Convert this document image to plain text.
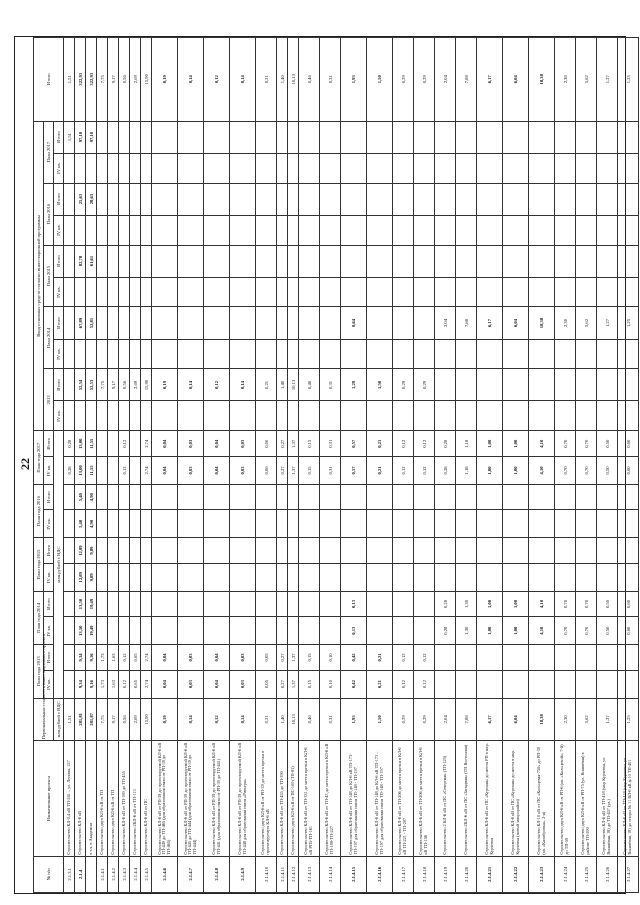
22
№ п/п	Наименование проекта	Первоначальная стоимость инвестиционного проекта	План года 2013		План года 2014		План года 2015		План года 2016		План года 2017		Ввод основных средств согласно инвестиционной программы										Итого
			IV кв.	Итого	IV кв.	Итого	IV кв.	Итого	IV кв.	Итого	IV кв.	Итого	2013		План 2014		План 2015		План 2016		План 2017		
		млн.рублей с НДС	млн.рублей с НДС										IV кв.	Итого	IV кв.	Итого	IV кв.	Итого	IV кв.	Итого	IV кв.	Итого	
2.1.3.1	Строительство КЛ-0,4 кВ ТП-241 – ул. Ленина, 157	1,51									0,28	0,28										1,51	1,51
2.1.4	Строительство КЛ-6 кВ	281,81	9,34	9,34	13,50	13,50	12,89	12,89	5,40	5,40	13,00	13,00		52,54		67,89		82,78		25,63		97,10	322,93
	в т.ч. в Академии	281,87	9,16	9,16	19,49	19,49	9,89	9,89	4,90	4,90	11,55	11,55		52,53		52,81		61,61		28,63		97,10	322,93
2.1.4.1	Строительство двух КЛ-6 кВ от ТП	7,75	1,73	1,73										7,75									7,75
2.1.4.2	Строительство двух КЛ-6 кВ от ТП	9,17	1,63	1,63										9,17									9,17
2.1.4.3	Строительство КЛ-6 кВ от ТП-189 до ТП-455	0,56	0,12	0,12							0,12	0,12		0,56									0,56
2.1.4.4	Строительство 2КЛ-6 кВ от ТП-113	2,69	0,65	0,65										2,69									2,69
2.1.4.5	Строительство КЛ-6 кВ от ПС	15,90	2,74	2,74							2,74	2,74		15,90									15,90
2.1.4.6	Строительство КЛ-6 кВ от РП-39 до проектируемой КЛ-6 кВ ТП-449 до ТП-465 (для образования связи от РП-39 до ТП-465)	0,19	0,04	0,04							0,04	0,04		0,19									0,19
2.1.4.7	Строительство КЛ-6 кВ от РП-39 до проектируемой КЛ-6 кВ ТП-445 до ТП-444 (для образования связи от РП-39 до ТП-444)	0,14	0,03	0,03							0,03	0,03		0,14									0,14
2.1.4.8	Строительство КЛ-6 кВ от РП-39 до проектируемой КЛ-6 кВ ТП-441 (для образования связи от РП-39 до ТП-441)	0,12	0,04	0,04							0,04	0,04		0,12									0,12
2.1.4.9	Строительство КЛ-6 кВ от РП-39 до проектируемой КЛ-6 кВ ТП-448 для образования связи «Ривьера»	0,14	0,03	0,03							0,03	0,03		0,14									0,14
2.1.4.10	Строительство двух КЛ-6 кВ от РП-39 до места врезки в проектируемую КЛ-6 кВ	0,21	0,05	0,05							0,06	0,06		0,21									0,21
2.1.4.11	Строительство КЛ-6 кВ от ТП-455 до ТП-390	1,40	0,27	0,27							0,27	0,27		1,40									1,40
2.1.4.12	Строительство двух КЛ-6 кВ от ПС-100 (ТП-83)	10,13	1,37	1,37							1,37	1,37		10,13									10,13
2.1.4.13	Строительство КЛ-6 кВ от ТП-331 до места врезки в КЛ-6 кВ РП5-ТП-161	0,46	0,15	0,15							0,15	0,15		0,46									0,46
2.1.4.14	Строительство КЛ-6 кВ от ТП-43 до места врезки в КЛ-6 кВ ТП-189-ТП-227	0,31	0,10	0,10							0,31	0,31		0,31									0,31
2.1.4.15	Строительство КЛ-6 кВ от ТП-148 до КЛ-6 кВ ТП-173-ТП-197 для образования связи ТП-148 - ТП-197	1,93	0,42	0,42	0,13	0,13					0,57	0,57		1,29		0,64							1,93
2.1.4.16	Строительство КЛ-6 кВ от ТП-148 до КЛ-6 кВ ТП-173 – ТП-197 для образования связи ТП-148 - ТП-197	1,50	0,21	0,21							0,21	0,21		1,50									1,50
2.1.4.17	Строительство КЛ-6 кВ от ТП-206 до места врезки в КЛ-6 кВ ТП-221 - ТП-207	0,29	0,12	0,12							0,12	0,12		0,29									0,29
2.1.4.18	Строительство КЛ-6 кВ от ТП-206 до места врезки в КЛ-6 кВ ТП-156	0,29	0,12	0,12							0,12	0,12		0,29									0,29
2.1.4.19	Строительство 2 КЛ-6 кВ от ПС «Северная» (ТП-125)	2,04			0,28	0,28					0,28	0,28				2,04							2,04
2.1.4.20	Строительство 2КЛ-6 кВ от ПС «Западная» (ТП Восточная)	7,88			1,30	1,30					1,18	1,18				7,88							7,88
2.1.4.21	Строительство КЛ-6 кВ от ПС «Курская» до места РП в мкр. Курчевка	6,17			1,00	1,00					1,00	1,00				6,17							6,17
2.1.4.22	Строительство КЛ-6 кВ от ПС «Курская» до места в мкр. Курчевка (новый микрорайон)	6,04			1,00	1,00					1,00	1,00				6,04							6,04
2.1.4.23	Строительство КЛ-10 кВ от ПС «Кольцевая-750» до РП-30 (кв. «Калибровка», 2-я)	18,38			4,10	4,10					4,10	4,10				18,38							18,38
2.1.4.24	Строительство двух КЛ-6 кВ от РП-6 (кв. «Кольцевой», 7-й) до ТП-59	2,30			0,70	0,70					0,70	0,70				2,30							2,30
2.1.4.25	Строительство двух КЛ-6 кВ от РП-75 (ул. Вишнёвая) в районе ТП-590	5,62			0,70	0,70					0,70	0,70				5,62							5,62
2.1.4.26	Строительство КЛ-6 кВ от ТП-418 (мкр Курчевка, ул. Вишнёвая, 18) до ТП-457 (ул.)	1,27			0,50	0,50					0,50	0,50				1,27							1,27
2.1.4.27	Строительство КЛ-6 кВ от ТП-418 (мкр Курчевка, ул. Вишнёвая, 18) до опоры № 11 ВЛ-6 кВ ф.10 ТП-401	1,25			0,60	0,60					0,60	0,60				1,25							1,25
